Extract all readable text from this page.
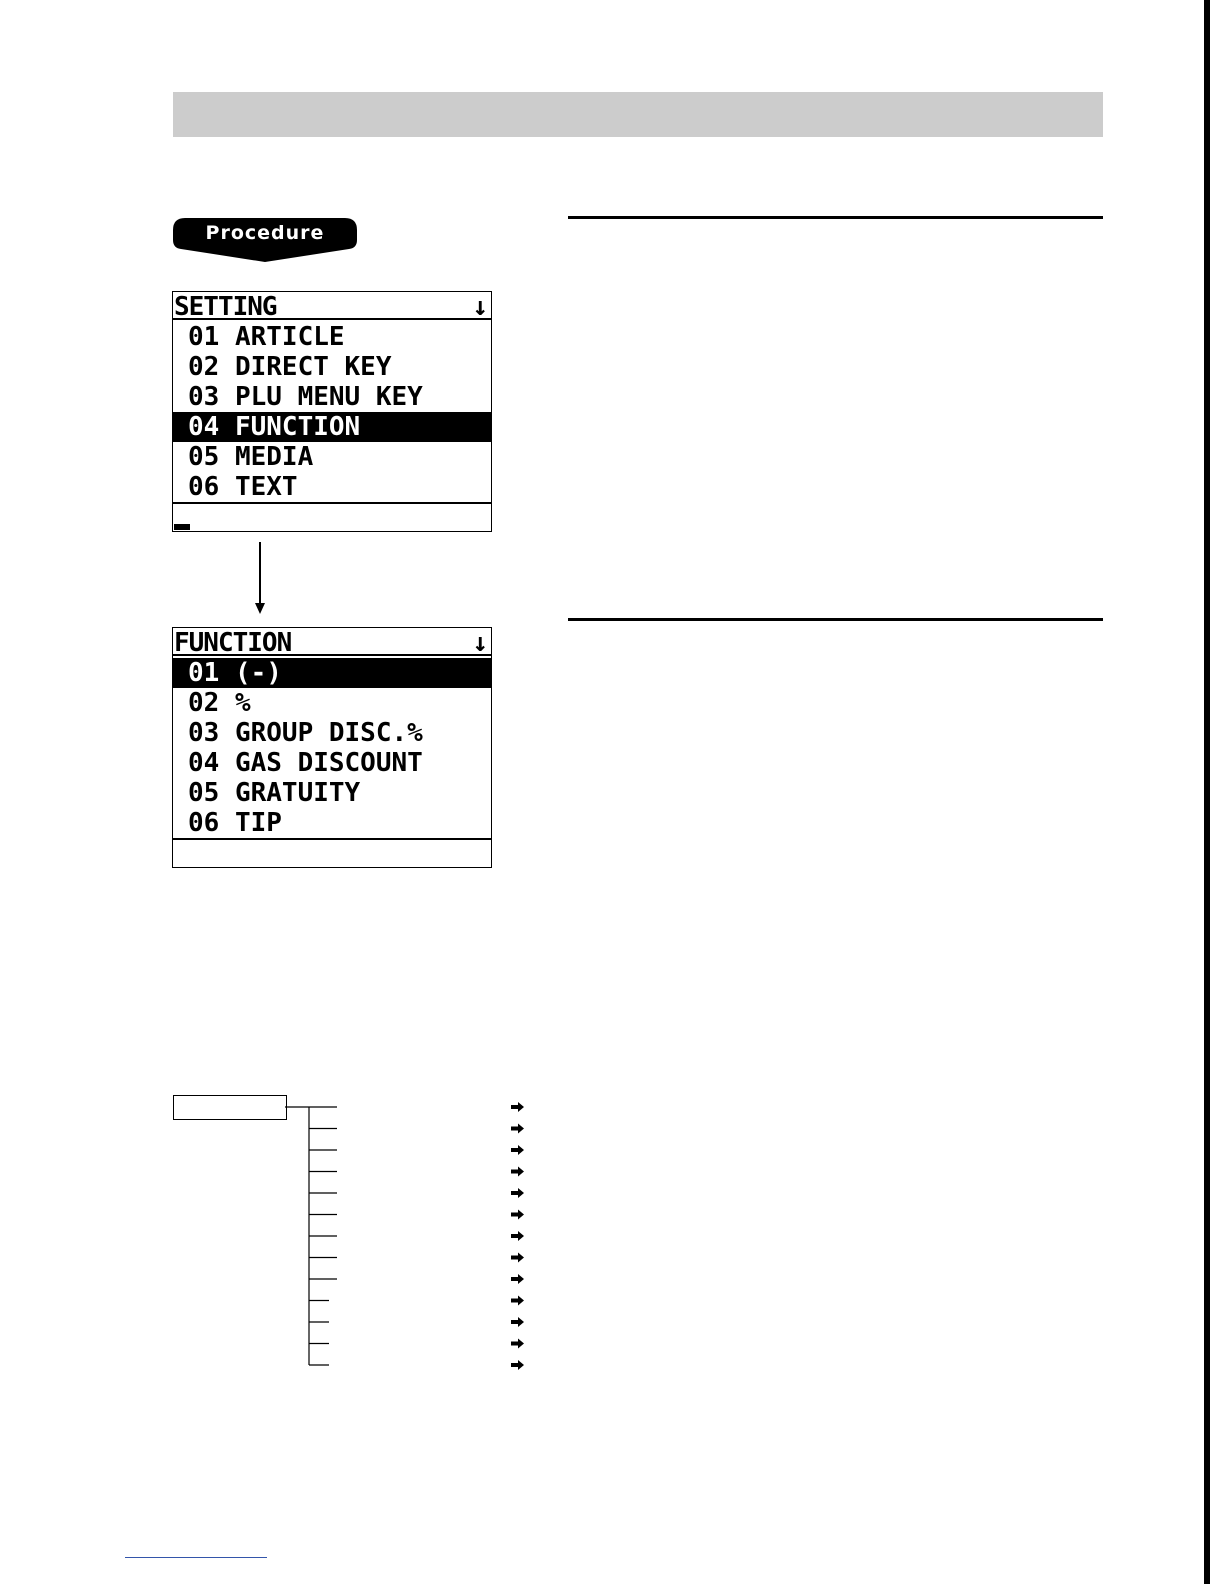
Procedure
SETTING	↓
01 ARTICLE
02 DIRECT KEY
03 PLU MENU KEY
04 FUNCTION
05 MEDIA
06 TEXT
FUNCTION	↓
01 (-)
02 %
03 GROUP DISC.%
04 GAS DISCOUNT
05 GRATUITY
06 TIP
